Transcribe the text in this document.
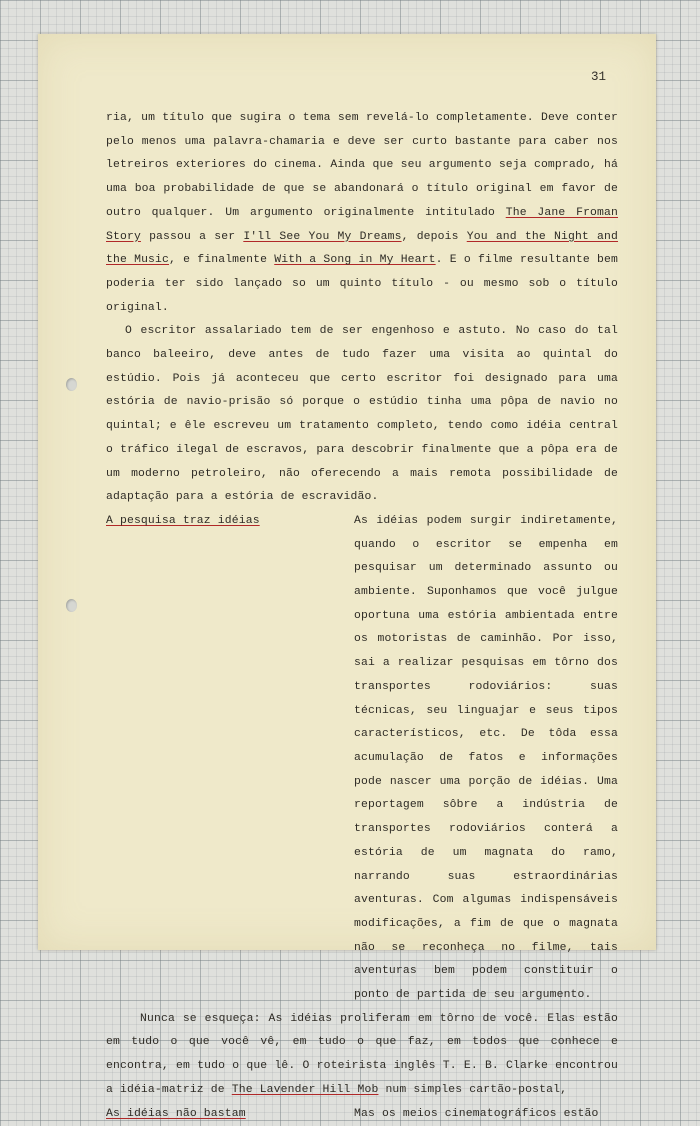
31

ria, um título que sugira o tema sem revelá-lo completamente. Deve conter pelo menos uma palavra-chamaria e deve ser curto bastante para caber nos letreiros exteriores do cinema. Ainda que seu argumento seja comprado, há uma boa probabilidade de que se abandonará o título original em favor de outro qualquer. Um argumento originalmente intitulado The Jane Froman Story passou a ser I'll See You My Dreams, depois You and the Night and the Music, e finalmente With a Song in My Heart. E o filme resultante bem poderia ter sido lançado so um quinto título - ou mesmo sob o título original.

O escritor assalariado tem de ser engenhoso e astuto. No caso do tal banco baleeiro, deve antes de tudo fazer uma visita ao quintal do estúdio. Pois já aconteceu que certo escritor foi designado para uma estória de navio-prisão só porque o estúdio tinha uma pôpa de navio no quintal; e êle escreveu um tratamento completo, tendo como idéia central o tráfico ilegal de escravos, para descobrir finalmente que a pôpa era de um moderno petroleiro, não oferecendo a mais remota possibilidade de adaptação para a estória de escravidão.

A pesquisa traz idéias	As idéias podem surgir indiretamente, quando o escritor se empenha em pesquisar um determinado assunto ou ambiente. Suponhamos que você julgue oportuna uma estória ambientada entre os motoristas de caminhão. Por isso, sai a realizar pesquisas em tôrno dos transportes rodoviários: suas técnicas, seu linguajar e seus tipos característicos, etc. De tôda essa acumulação de fatos e informações pode nascer uma porção de idéias. Uma reportagem sôbre a indústria de transportes rodoviários conterá a estória de um magnata do ramo, narrando suas estraordinárias aventuras. Com algumas indispensáveis modificações, a fim de que o magnata não se reconheça no filme, tais aventuras bem podem constituir o ponto de partida de seu argumento.

Nunca se esqueça: As idéias proliferam em tôrno de você. Elas estão em tudo o que você vê, em tudo o que faz, em todos que conhece e encontra, em tudo o que lê. O roteirista inglês T. E. B. Clarke encontrou a idéia-matriz de The Lavender Hill Mob num simples cartão-postal,

As idéias não bastam	Mas os meios cinematográficos estão
